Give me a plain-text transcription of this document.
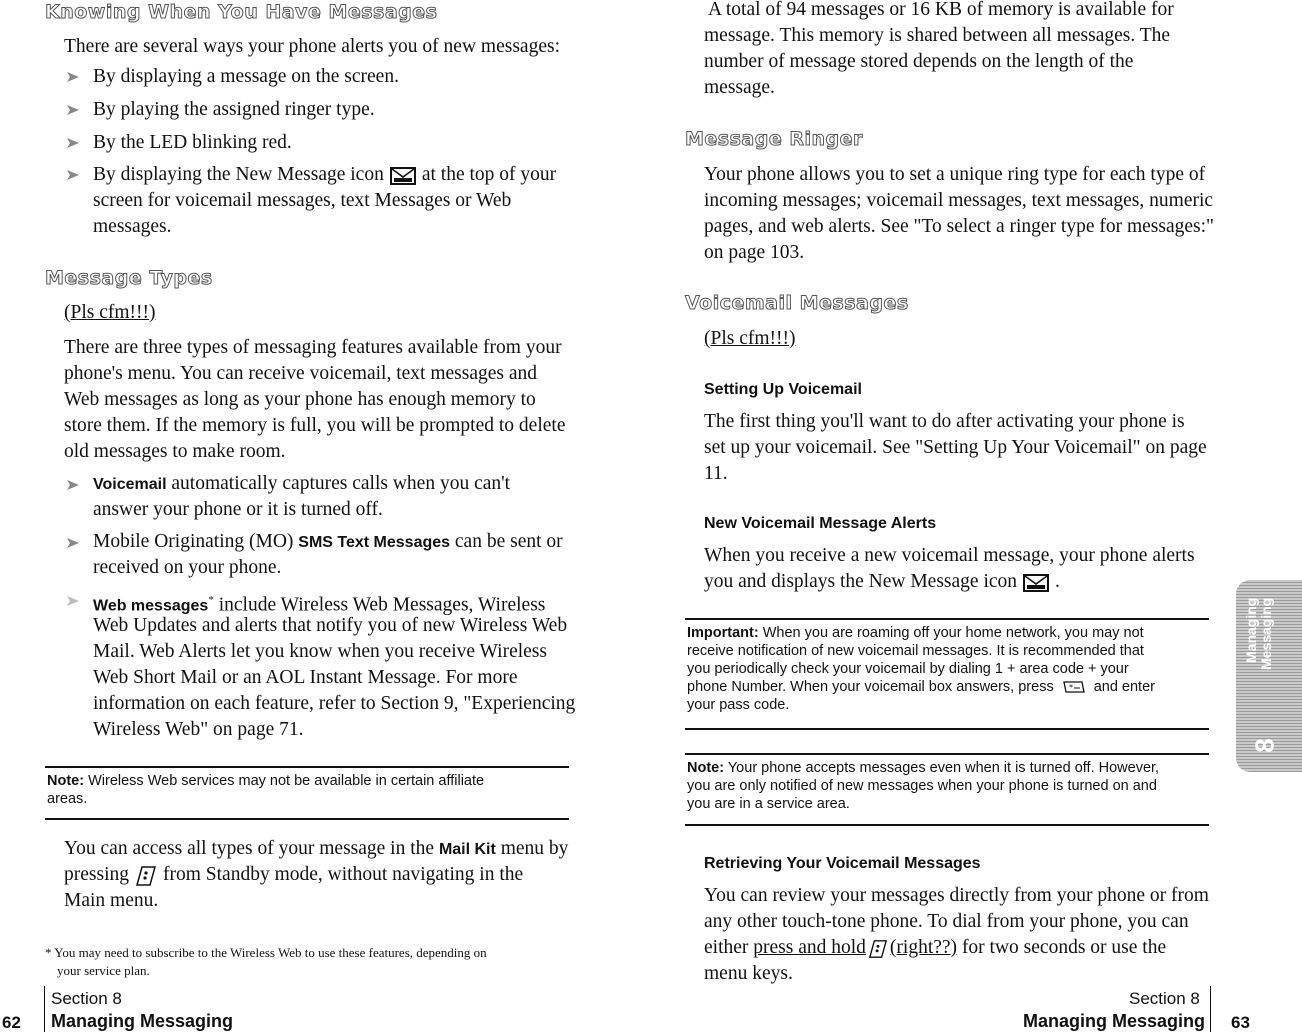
Knowing When You Have Messages
There are several ways your phone alerts you of new messages:
By displaying a message on the screen.
By playing the assigned ringer type.
By the LED blinking red.
By displaying the New Message icon at the top of your
screen for voicemail messages, text Messages or Web
messages.
Message Types
(Pls cfm!!!)
There are three types of messaging features available from your
phone's menu. You can receive voicemail, text messages and
Web messages as long as your phone has enough memory to
store them. If the memory is full, you will be prompted to delete
old messages to make room.
Voicemail automatically captures calls when you can't
answer your phone or it is turned off.
Mobile Originating (MO) SMS Text Messages can be sent or
received on your phone.
Web messages* include Wireless Web Messages, Wireless
Web Updates and alerts that notify you of new Wireless Web
Mail. Web Alerts let you know when you receive Wireless
Web Short Mail or an AOL Instant Message. For more
information on each feature, refer to Section 9, "Experiencing
Wireless Web" on page 71.
Note: Wireless Web services may not be available in certain affiliate
areas.
You can access all types of your message in the Mail Kit menu by
pressing from Standby mode, without navigating in the
Main menu.
* You may need to subscribe to the Wireless Web to use these features, depending on
your service plan.
62
Section 8
Managing Messaging
A total of 94 messages or 16 KB of memory is available for
message. This memory is shared between all messages. The
number of message stored depends on the length of the
message.
Message Ringer
Your phone allows you to set a unique ring type for each type of
incoming messages; voicemail messages, text messages, numeric
pages, and web alerts. See "To select a ringer type for messages:"
on page 103.
Voicemail Messages
(Pls cfm!!!)
Setting Up Voicemail
The first thing you'll want to do after activating your phone is
set up your voicemail. See "Setting Up Your Voicemail" on page
11.
New Voicemail Message Alerts
When you receive a new voicemail message, your phone alerts
you and displays the New Message icon .
Important: When you are roaming off your home network, you may not
receive notification of new voicemail messages. It is recommended that
you periodically check your voicemail by dialing 1 + area code + your
phone Number. When your voicemail box answers, press * and enter
your pass code.
Note: Your phone accepts messages even when it is turned off. However,
you are only notified of new messages when your phone is turned on and
you are in a service area.
Retrieving Your Voicemail Messages
You can review your messages directly from your phone or from
any other touch-tone phone. To dial from your phone, you can
either press and hold (right??) for two seconds or use the
menu keys.
Section 8
Managing Messaging 63
Managing
Messaging
8
